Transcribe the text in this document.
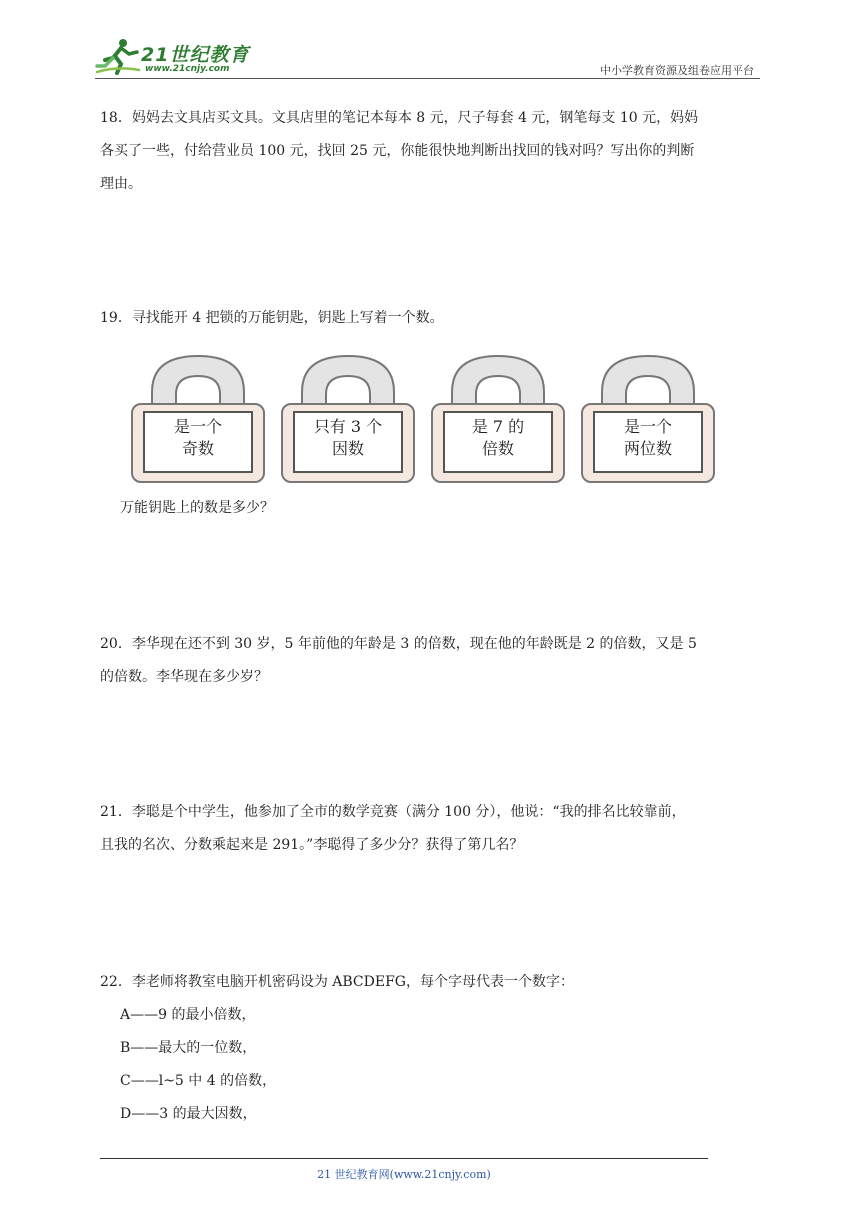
21世纪教育
www.21cnjy.com	中小学教育资源及组卷应用平台

18．妈妈去文具店买文具。文具店里的笔记本每本 8 元，尺子每套 4 元，钢笔每支 10 元，妈妈

各买了一些，付给营业员 100 元，找回 25 元，你能很快地判断出找回的钱对吗？写出你的判断

理由。

19．寻找能开 4 把锁的万能钥匙，钥匙上写着一个数。

是一个
奇数
只有 3 个
因数
是 7 的
倍数
是一个
两位数

万能钥匙上的数是多少？

20．李华现在还不到 30 岁，5 年前他的年龄是 3 的倍数，现在他的年龄既是 2 的倍数，又是 5

的倍数。李华现在多少岁？

21．李聪是个中学生，他参加了全市的数学竞赛（满分 100 分），他说：“我的排名比较靠前，

且我的名次、分数乘起来是 291。”李聪得了多少分？获得了第几名？

22．李老师将教室电脑开机密码设为 ABCDEFG，每个字母代表一个数字：

A——9 的最小倍数，

B——最大的一位数，

C——l~5 中 4 的倍数，

D——3 的最大因数，

21 世纪教育网(www.21cnjy.com)
